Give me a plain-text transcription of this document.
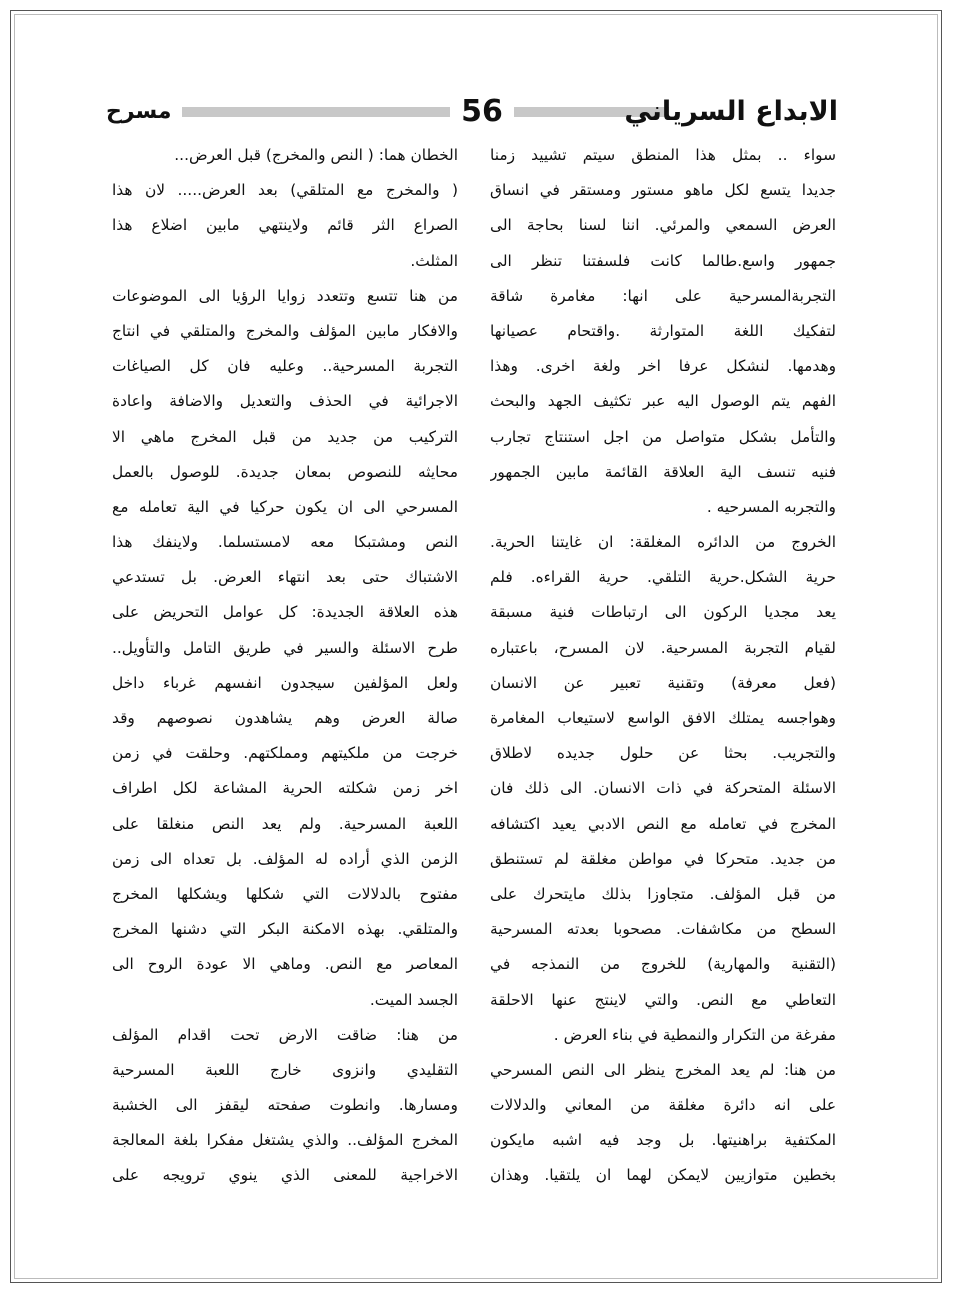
مسرح	56	الابداع السرياني
سواء .. بمثل هذا المنطق سيتم تشييد زمنا
جديدا يتسع لكل ماهو مستور ومستقر في انساق
العرض السمعي والمرئي. اننا لسنا بحاجة الى
جمهور واسع.طالما كانت فلسفتنا تنظر الى
التجربةالمسرحية على انها: مغامرة شاقة
لتفكيك اللغة المتوارثة .واقتحام عصيانها
وهدمها. لنشكل عرفا اخر ولغة اخرى. وهذا
الفهم يتم الوصول اليه عبر تكثيف الجهد والبحث
والتأمل بشكل متواصل من اجل استنتاج تجارب
فنيه تنسف الية العلاقة القائمة مابين الجمهور
والتجربه المسرحيه .
الخروج من الدائره المغلقة: ان غايتنا الحرية.
حرية الشكل.حرية التلقي. حرية القراءه. فلم
يعد مجديا الركون الى ارتباطات فنية مسبقة
لقيام التجربة المسرحية. لان المسرح، باعتباره
(فعل معرفة) وتقنية تعبير عن الانسان
وهواجسه يمتلك الافق الواسع لاستيعاب المغامرة
والتجريب. بحثا عن حلول جديده لاطلاق
الاسئلة المتحركة في ذات الانسان. الى ذلك فان
المخرج في تعامله مع النص الادبي يعيد اكتشافه
من جديد. متحركا في مواطن مغلقة لم تستنطق
من قبل المؤلف. متجاوزا بذلك مايتحرك على
السطح من مكاشفات. مصحوبا بعدته المسرحية
(التقنية والمهارية) للخروج من النمذجه في
التعاطي مع النص. والتي لاينتج عنها الاحلقة
مفرغة من التكرار والنمطية في بناء العرض .
من هنا: لم يعد المخرج ينظر الى النص المسرحي
على انه دائرة مغلقة من المعاني والدلالات
المكتفية براهنيتها. بل وجد فيه اشبه مايكون
بخطين متوازيين لايمكن لهما ان يلتقيا. وهذان
الخطان هما: ( النص والمخرج) قبل العرض...
( والمخرج مع المتلقي) بعد العرض..... لان هذا
الصراع الثر قائم ولاينتهي مابين اضلاع هذا
المثلث.
من هنا تتسع وتتعدد زوايا الرؤيا الى الموضوعات
والافكار مابين المؤلف والمخرج والمتلقي في انتاج
التجربة المسرحية.. وعليه فان كل الصياغات
الاجرائية في الحذف والتعديل والاضافة واعادة
التركيب من جديد من قبل المخرج ماهي الا
محايثه للنصوص بمعان جديدة. للوصول بالعمل
المسرحي الى ان يكون حركيا في الية تعامله مع
النص ومشتبكا معه لامستسلما. ولاينفك هذا
الاشتباك حتى بعد انتهاء العرض. بل تستدعي
هذه العلاقة الجديدة: كل عوامل التحريض على
طرح الاسئلة والسير في طريق التامل والتأويل..
ولعل المؤلفين سيجدون انفسهم غرباء داخل
صالة العرض وهم يشاهدون نصوصهم وقد
خرجت من ملكيتهم ومملكتهم. وحلقت في زمن
اخر زمن شكلته الحرية المشاعة لكل اطراف
اللعبة المسرحية. ولم يعد النص منغلقا على
الزمن الذي أراده له المؤلف. بل تعداه الى زمن
مفتوح بالدلالات التي شكلها ويشكلها المخرج
والمتلقي. بهذه الامكنة البكر التي دشنها المخرج
المعاصر مع النص. وماهي الا عودة الروح الى
الجسد الميت.
من هنا: ضاقت الارض تحت اقدام المؤلف
التقليدي وانزوى خارج اللعبة المسرحية
ومسارها. وانطوت صفحته ليقفز الى الخشبة
المخرج المؤلف.. والذي يشتغل مفكرا بلغة المعالجة
الاخراجية للمعنى الذي ينوي ترويجه على
